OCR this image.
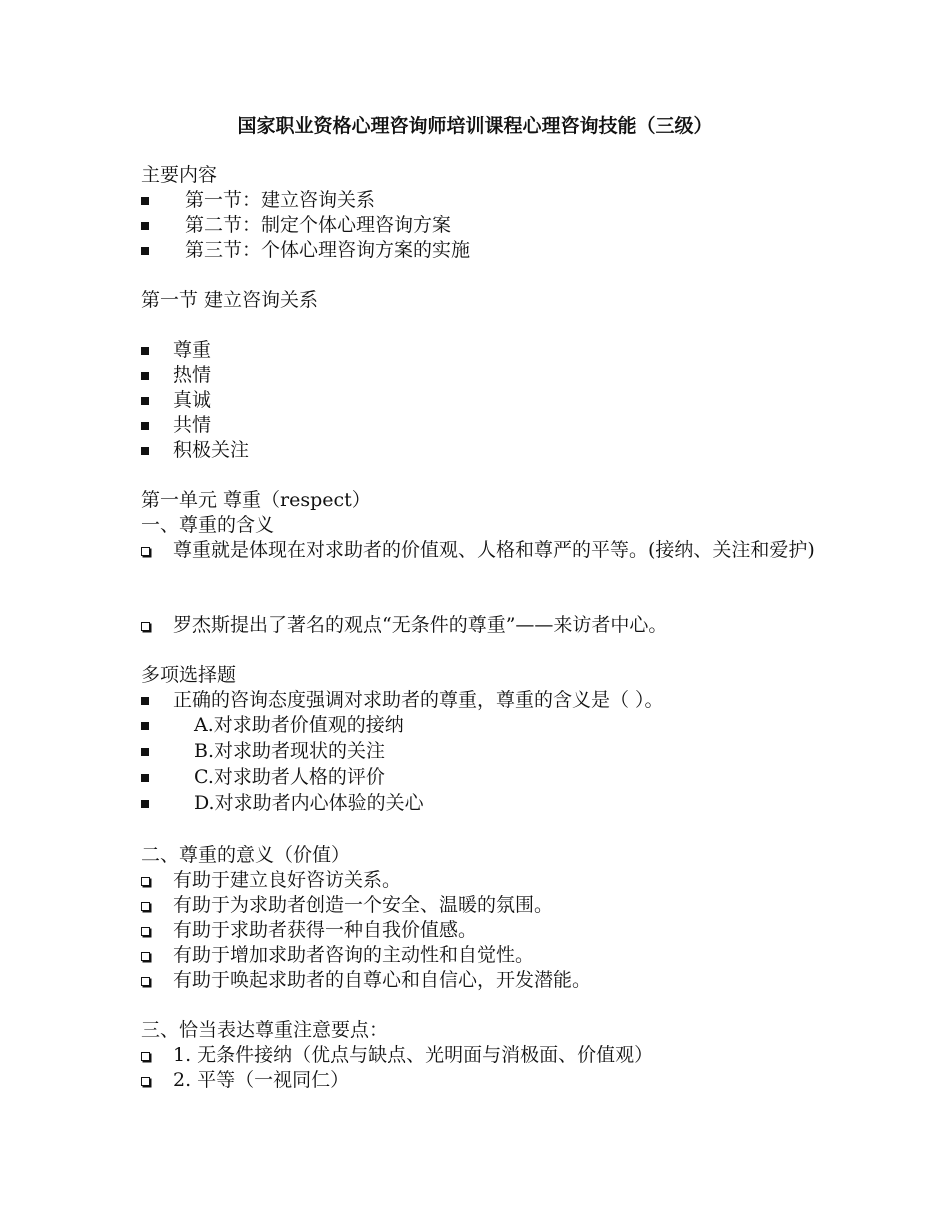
国家职业资格心理咨询师培训课程心理咨询技能（三级）
主要内容
第一节：建立咨询关系
第二节：制定个体心理咨询方案
第三节：个体心理咨询方案的实施
第一节 建立咨询关系
尊重
热情
真诚
共情
积极关注
第一单元 尊重（respect）
一、尊重的含义
尊重就是体现在对求助者的价值观、人格和尊严的平等。(接纳、关注和爱护)
罗杰斯提出了著名的观点“无条件的尊重”——来访者中心。
多项选择题
正确的咨询态度强调对求助者的尊重，尊重的含义是（ ）。
A.对求助者价值观的接纳
B.对求助者现状的关注
C.对求助者人格的评价
D.对求助者内心体验的关心
二、尊重的意义（价值）
有助于建立良好咨访关系。
有助于为求助者创造一个安全、温暖的氛围。
有助于求助者获得一种自我价值感。
有助于增加求助者咨询的主动性和自觉性。
有助于唤起求助者的自尊心和自信心，开发潜能。
三、恰当表达尊重注意要点：
1. 无条件接纳（优点与缺点、光明面与消极面、价值观）
2. 平等（一视同仁）
